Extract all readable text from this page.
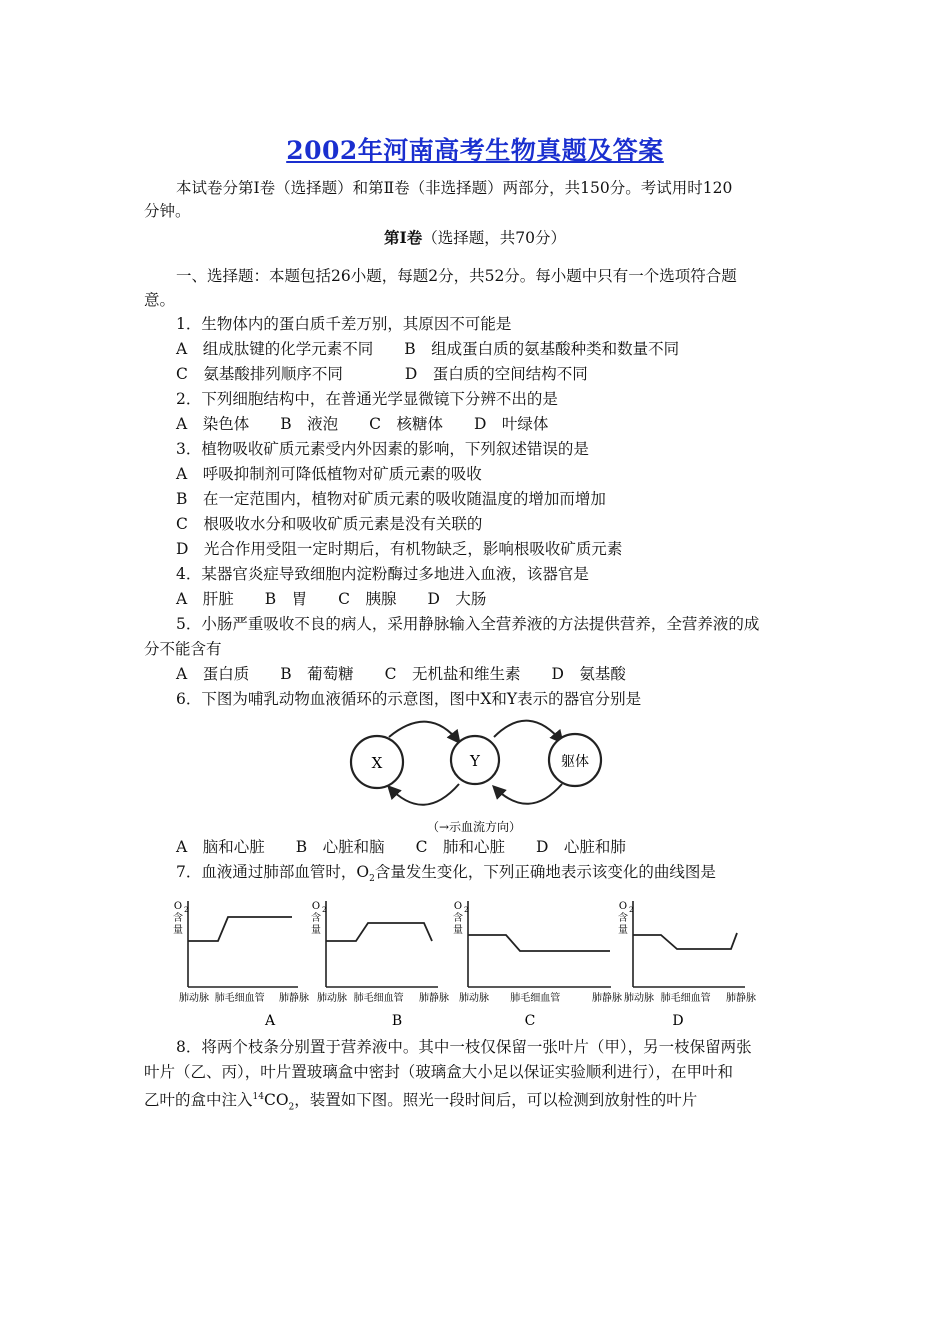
2002年河南高考生物真题及答案

本试卷分第Ⅰ卷（选择题）和第Ⅱ卷（非选择题）两部分，共150分。考试用时120

分钟。

第Ⅰ卷（选择题，共70分）

一、选择题：本题包括26小题，每题2分，共52分。每小题中只有一个选项符合题

意。

1．生物体内的蛋白质千差万别，其原因不可能是

A　组成肽键的化学元素不同　　B　组成蛋白质的氨基酸种类和数量不同

C　氨基酸排列顺序不同　　　　D　蛋白质的空间结构不同

2．下列细胞结构中，在普通光学显微镜下分辨不出的是

A　染色体　　B　液泡　　C　核糖体　　D　叶绿体

3．植物吸收矿质元素受内外因素的影响，下列叙述错误的是

A　呼吸抑制剂可降低植物对矿质元素的吸收

B　在一定范围内，植物对矿质元素的吸收随温度的增加而增加

C　根吸收水分和吸收矿质元素是没有关联的

D　光合作用受阻一定时期后，有机物缺乏，影响根吸收矿质元素

4．某器官炎症导致细胞内淀粉酶过多地进入血液，该器官是

A　肝脏　　B　胃　　C　胰腺　　D　大肠

5．小肠严重吸收不良的病人，采用静脉输入全营养液的方法提供营养，全营养液的成

分不能含有

A　蛋白质　　B　葡萄糖　　C　无机盐和维生素　　D　氨基酸

6．下图为哺乳动物血液循环的示意图，图中X和Y表示的器官分别是

X	Y	躯体
（→示血流方向）

A　脑和心脏　　B　心脏和脑　　C　肺和心脏　　D　心脏和肺

7．血液通过肺部血管时，$O_2$含量发生变化，下列正确地表示该变化的曲线图是

O 2
含
量
肺动脉 肺毛细血管 肺静脉
A
O 2
含
量
肺动脉 肺毛细血管 肺静脉
B
O 2
含
量
肺动脉 肺毛细血管	肺静脉
C
O 2
含
量
肺动脉 肺毛细血管 肺静脉
D

8．将两个枝条分别置于营养液中。其中一枝仅保留一张叶片（甲），另一枝保留两张

叶片（乙、丙），叶片置玻璃盒中密封（玻璃盒大小足以保证实验顺利进行），在甲叶和

乙叶的盒中注入$^{14}CO_2$，装置如下图。照光一段时间后，可以检测到放射性的叶片
